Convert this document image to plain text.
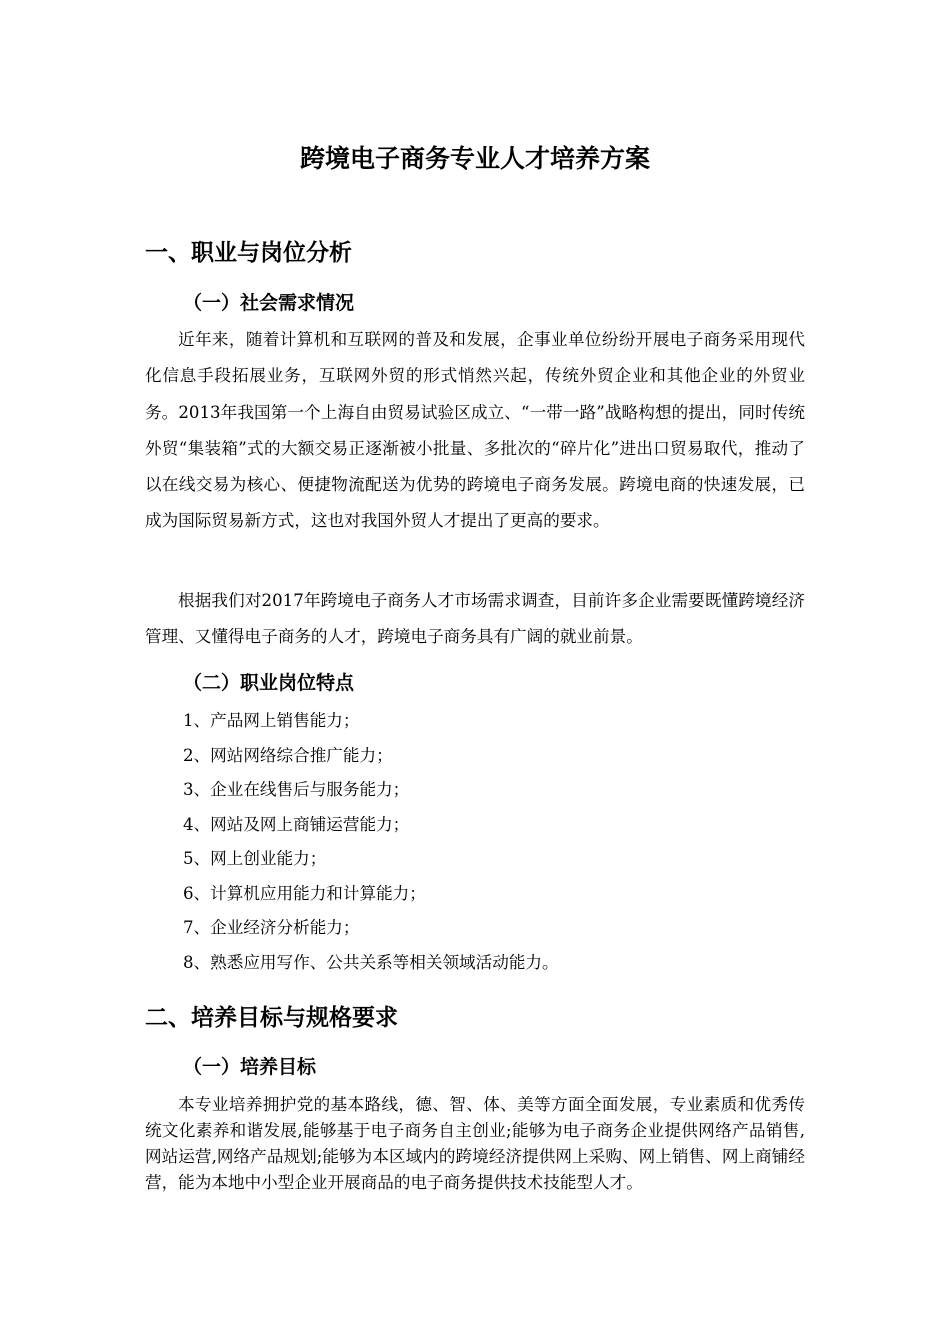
跨境电子商务专业人才培养方案
一、职业与岗位分析
（一）社会需求情况

近年来，随着计算机和互联网的普及和发展，企事业单位纷纷开展电子商务采用现代化信息手段拓展业务，互联网外贸的形式悄然兴起，传统外贸企业和其他企业的外贸业务。2013年我国第一个上海自由贸易试验区成立、“一带一路”战略构想的提出，同时传统外贸“集装箱”式的大额交易正逐渐被小批量、多批次的“碎片化”进出口贸易取代，推动了以在线交易为核心、便捷物流配送为优势的跨境电子商务发展。跨境电商的快速发展，已成为国际贸易新方式，这也对我国外贸人才提出了更高的要求。

根据我们对2017年跨境电子商务人才市场需求调查，目前许多企业需要既懂跨境经济管理、又懂得电子商务的人才，跨境电子商务具有广阔的就业前景。

（二）职业岗位特点
1、产品网上销售能力；
2、网站网络综合推广能力；
3、企业在线售后与服务能力；
4、网站及网上商铺运营能力；
5、网上创业能力；
6、计算机应用能力和计算能力；
7、企业经济分析能力；
8、熟悉应用写作、公共关系等相关领域活动能力。
二、培养目标与规格要求
（一）培养目标

本专业培养拥护党的基本路线，德、智、体、美等方面全面发展，专业素质和优秀传统文化素养和谐发展,能够基于电子商务自主创业;能够为电子商务企业提供网络产品销售,网站运营,网络产品规划;能够为本区域内的跨境经济提供网上采购、网上销售、网上商铺经营，能为本地中小型企业开展商品的电子商务提供技术技能型人才。
